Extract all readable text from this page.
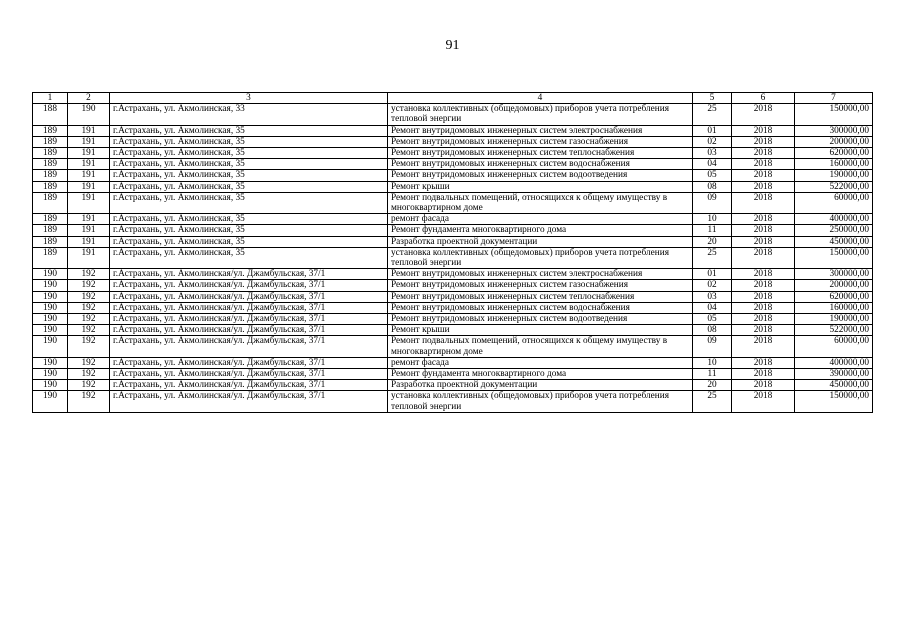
91
1	2	3	4	5	6	7
188	190	г.Астрахань, ул. Акмолинская, 33	установка коллективных (общедомовых) приборов учета потребления тепловой энергии	25	2018	150000,00
189	191	г.Астрахань, ул. Акмолинская, 35	Ремонт внутридомовых инженерных систем электроснабжения	01	2018	300000,00
189	191	г.Астрахань, ул. Акмолинская, 35	Ремонт внутридомовых инженерных систем газоснабжения	02	2018	200000,00
189	191	г.Астрахань, ул. Акмолинская, 35	Ремонт внутридомовых инженерных систем теплоснабжения	03	2018	620000,00
189	191	г.Астрахань, ул. Акмолинская, 35	Ремонт внутридомовых инженерных систем водоснабжения	04	2018	160000,00
189	191	г.Астрахань, ул. Акмолинская, 35	Ремонт внутридомовых инженерных систем водоотведения	05	2018	190000,00
189	191	г.Астрахань, ул. Акмолинская, 35	Ремонт крыши	08	2018	522000,00
189	191	г.Астрахань, ул. Акмолинская, 35	Ремонт подвальных помещений, относящихся к общему имуществу в многоквартирном доме	09	2018	60000,00
189	191	г.Астрахань, ул. Акмолинская, 35	ремонт фасада	10	2018	400000,00
189	191	г.Астрахань, ул. Акмолинская, 35	Ремонт фундамента многоквартирного дома	11	2018	250000,00
189	191	г.Астрахань, ул. Акмолинская, 35	Разработка проектной документации	20	2018	450000,00
189	191	г.Астрахань, ул. Акмолинская, 35	установка коллективных (общедомовых) приборов учета потребления тепловой энергии	25	2018	150000,00
190	192	г.Астрахань, ул. Акмолинская/ул. Джамбульская, 37/1	Ремонт внутридомовых инженерных систем электроснабжения	01	2018	300000,00
190	192	г.Астрахань, ул. Акмолинская/ул. Джамбульская, 37/1	Ремонт внутридомовых инженерных систем газоснабжения	02	2018	200000,00
190	192	г.Астрахань, ул. Акмолинская/ул. Джамбульская, 37/1	Ремонт внутридомовых инженерных систем теплоснабжения	03	2018	620000,00
190	192	г.Астрахань, ул. Акмолинская/ул. Джамбульская, 37/1	Ремонт внутридомовых инженерных систем водоснабжения	04	2018	160000,00
190	192	г.Астрахань, ул. Акмолинская/ул. Джамбульская, 37/1	Ремонт внутридомовых инженерных систем водоотведения	05	2018	190000,00
190	192	г.Астрахань, ул. Акмолинская/ул. Джамбульская, 37/1	Ремонт крыши	08	2018	522000,00
190	192	г.Астрахань, ул. Акмолинская/ул. Джамбульская, 37/1	Ремонт подвальных помещений, относящихся к общему имуществу в многоквартирном доме	09	2018	60000,00
190	192	г.Астрахань, ул. Акмолинская/ул. Джамбульская, 37/1	ремонт фасада	10	2018	400000,00
190	192	г.Астрахань, ул. Акмолинская/ул. Джамбульская, 37/1	Ремонт фундамента многоквартирного дома	11	2018	390000,00
190	192	г.Астрахань, ул. Акмолинская/ул. Джамбульская, 37/1	Разработка проектной документации	20	2018	450000,00
190	192	г.Астрахань, ул. Акмолинская/ул. Джамбульская, 37/1	установка коллективных (общедомовых) приборов учета потребления тепловой энергии	25	2018	150000,00
